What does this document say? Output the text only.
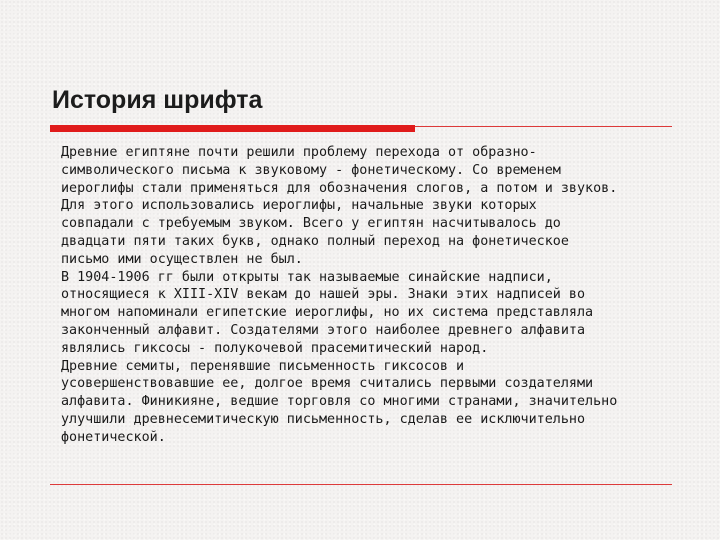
История шрифта

Древние египтяне почти решили проблему перехода от образно-
символического письма к звуковому - фонетическому. Со временем
иероглифы стали применяться для обозначения слогов, а потом и звуков.
Для этого использовались иероглифы, начальные звуки которых
совпадали с требуемым звуком. Всего у египтян насчитывалось до
двадцати пяти таких букв, однако полный переход на фонетическое
письмо ими осуществлен не был.

В 1904-1906 гг были открыты так называемые синайские надписи,
относящиеся к XIII-XIV векам до нашей эры. Знаки этих надписей во
многом напоминали египетские иероглифы, но их система представляла
законченный алфавит. Создателями этого наиболее древнего алфавита
являлись гиксосы - полукочевой прасемитический народ.

Древние семиты, перенявшие письменность гиксосов и
усовершенствовавшие ее, долгое время считались первыми создателями
алфавита. Финикияне, ведшие торговля со многими странами, значительно
улучшили древнесемитическую письменность, сделав ее исключительно
фонетической.
